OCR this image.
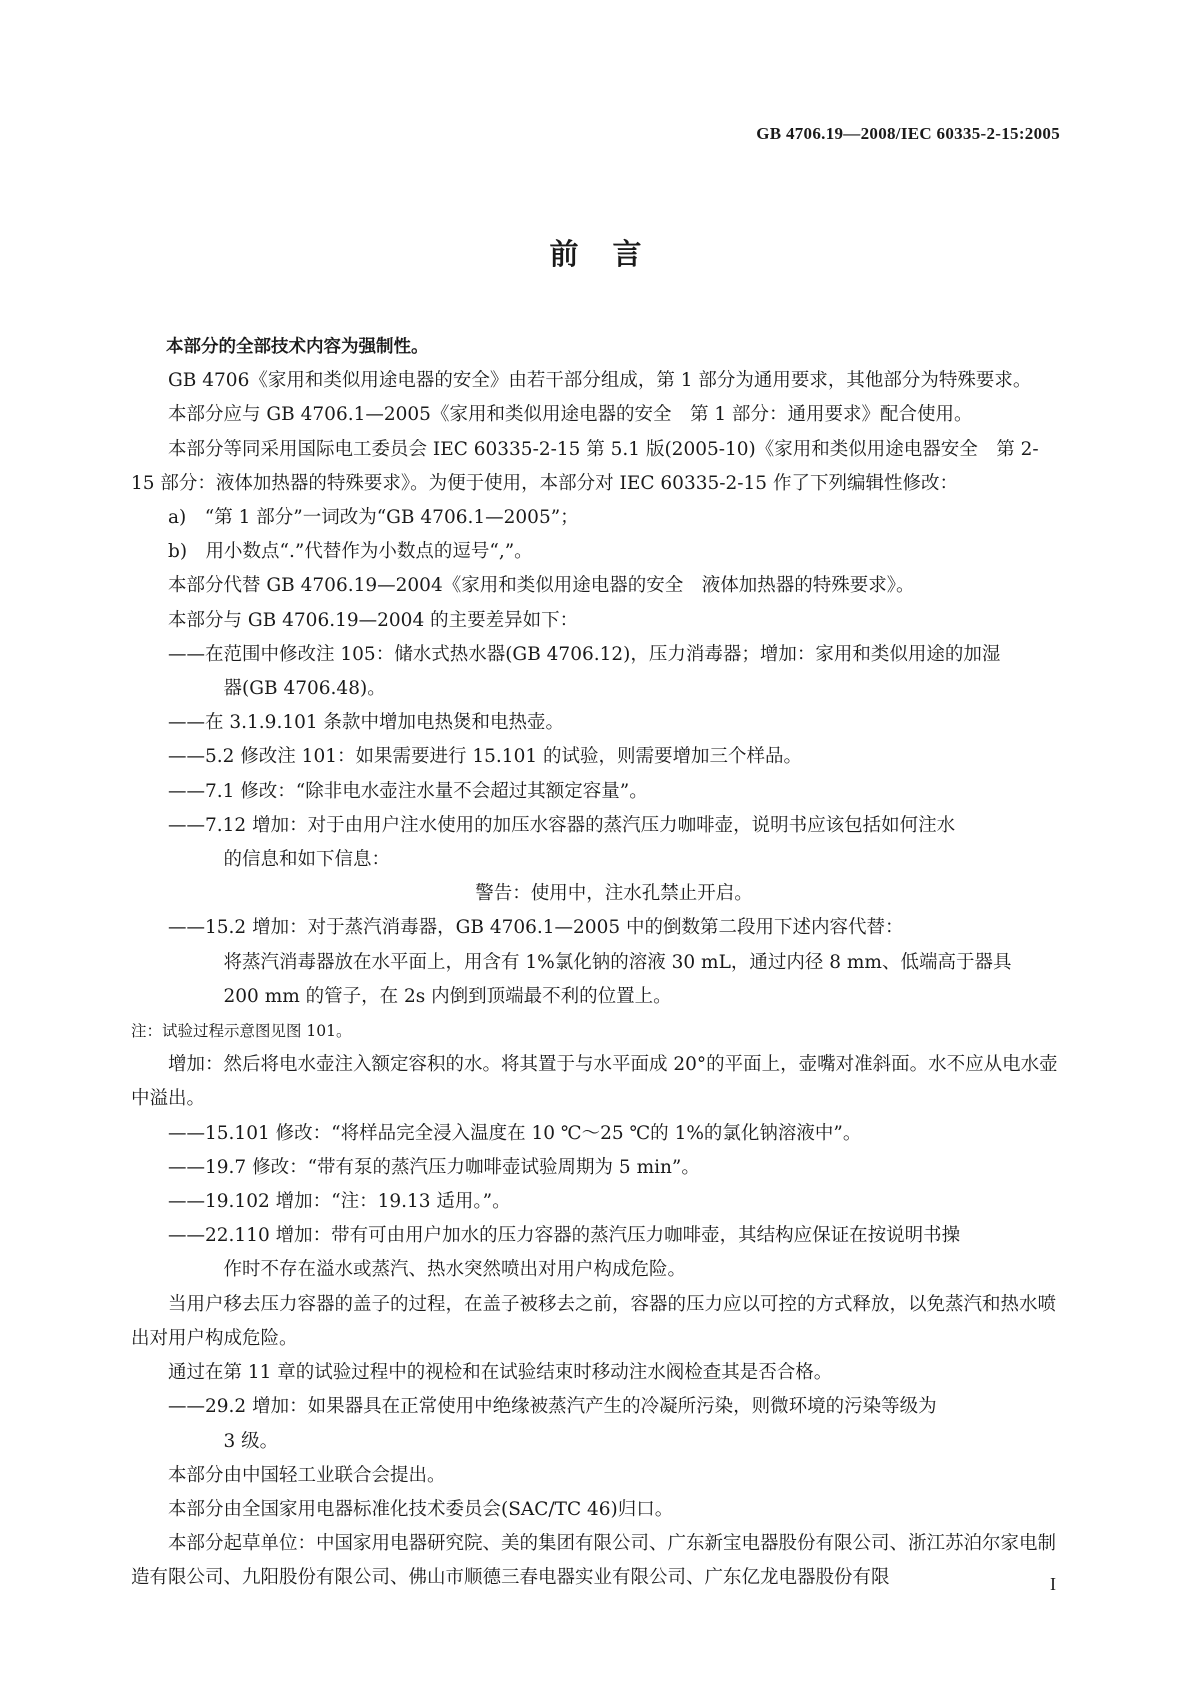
GB 4706.19—2008/IEC 60335-2-15:2005
前言

本部分的全部技术内容为强制性。

GB 4706《家用和类似用途电器的安全》由若干部分组成，第 1 部分为通用要求，其他部分为特殊要求。

本部分应与 GB 4706.1—2005《家用和类似用途电器的安全　第 1 部分：通用要求》配合使用。

本部分等同采用国际电工委员会 IEC 60335-2-15 第 5.1 版(2005-10)《家用和类似用途电器安全　第 2-15 部分：液体加热器的特殊要求》。为便于使用，本部分对 IEC 60335-2-15 作了下列编辑性修改：

a)　“第 1 部分”一词改为“GB 4706.1—2005”；

b)　用小数点“.”代替作为小数点的逗号“,”。

本部分代替 GB 4706.19—2004《家用和类似用途电器的安全　液体加热器的特殊要求》。

本部分与 GB 4706.19—2004 的主要差异如下：

——在范围中修改注 105：储水式热水器(GB 4706.12)，压力消毒器；增加：家用和类似用途的加湿

器(GB 4706.48)。

——在 3.1.9.101 条款中增加电热煲和电热壶。

——5.2 修改注 101：如果需要进行 15.101 的试验，则需要增加三个样品。

——7.1 修改：“除非电水壶注水量不会超过其额定容量”。

——7.12 增加：对于由用户注水使用的加压水容器的蒸汽压力咖啡壶，说明书应该包括如何注水

的信息和如下信息：

警告：使用中，注水孔禁止开启。

——15.2 增加：对于蒸汽消毒器，GB 4706.1—2005 中的倒数第二段用下述内容代替：

将蒸汽消毒器放在水平面上，用含有 1%氯化钠的溶液 30 mL，通过内径 8 mm、低端高于器具

200 mm 的管子，在 2s 内倒到顶端最不利的位置上。

注：试验过程示意图见图 101。

增加：然后将电水壶注入额定容积的水。将其置于与水平面成 20°的平面上，壶嘴对准斜面。水不应从电水壶中溢出。

——15.101 修改：“将样品完全浸入温度在 10 ℃～25 ℃的 1%的氯化钠溶液中”。

——19.7 修改：“带有泵的蒸汽压力咖啡壶试验周期为 5 min”。

——19.102 增加：“注：19.13 适用。”。

——22.110 增加：带有可由用户加水的压力容器的蒸汽压力咖啡壶，其结构应保证在按说明书操

作时不存在溢水或蒸汽、热水突然喷出对用户构成危险。

当用户移去压力容器的盖子的过程，在盖子被移去之前，容器的压力应以可控的方式释放，以免蒸汽和热水喷出对用户构成危险。

通过在第 11 章的试验过程中的视检和在试验结束时移动注水阀检查其是否合格。

——29.2 增加：如果器具在正常使用中绝缘被蒸汽产生的冷凝所污染，则微环境的污染等级为

3 级。

本部分由中国轻工业联合会提出。

本部分由全国家用电器标准化技术委员会(SAC/TC 46)归口。

本部分起草单位：中国家用电器研究院、美的集团有限公司、广东新宝电器股份有限公司、浙江苏泊尔家电制造有限公司、九阳股份有限公司、佛山市顺德三春电器实业有限公司、广东亿龙电器股份有限	I
